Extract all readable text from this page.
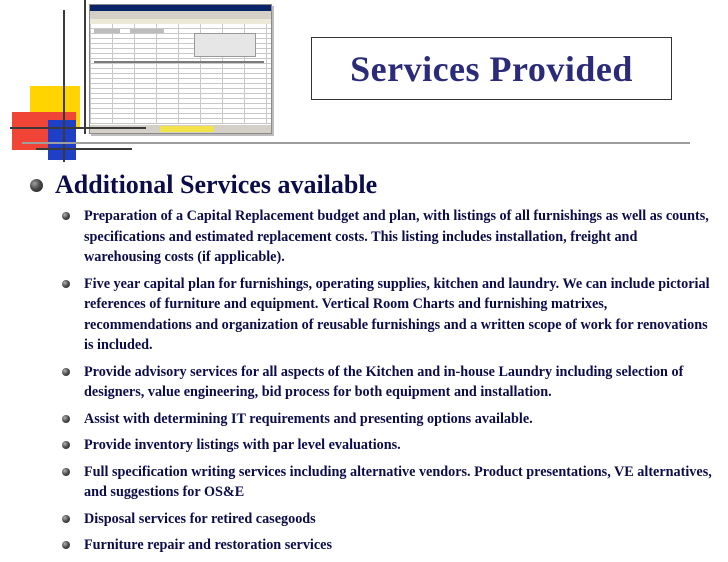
Services Provided
Additional Services available
Preparation of a Capital Replacement budget and plan, with listings of all furnishings as well as counts, specifications and estimated replacement costs. This listing includes installation, freight and warehousing costs (if applicable).
Five year capital plan for furnishings, operating supplies, kitchen and laundry. We can include pictorial references of furniture and equipment. Vertical Room Charts and furnishing matrixes, recommendations and organization of reusable furnishings and a written scope of work for renovations is included.
Provide advisory services for all aspects of the Kitchen and in-house Laundry including selection of designers, value engineering, bid process for both equipment and installation.
Assist with determining IT requirements and presenting options available.
Provide inventory listings with par level evaluations.
Full specification writing services including alternative vendors. Product presentations, VE alternatives, and suggestions for OS&E
Disposal services for retired casegoods
Furniture repair and restoration services
